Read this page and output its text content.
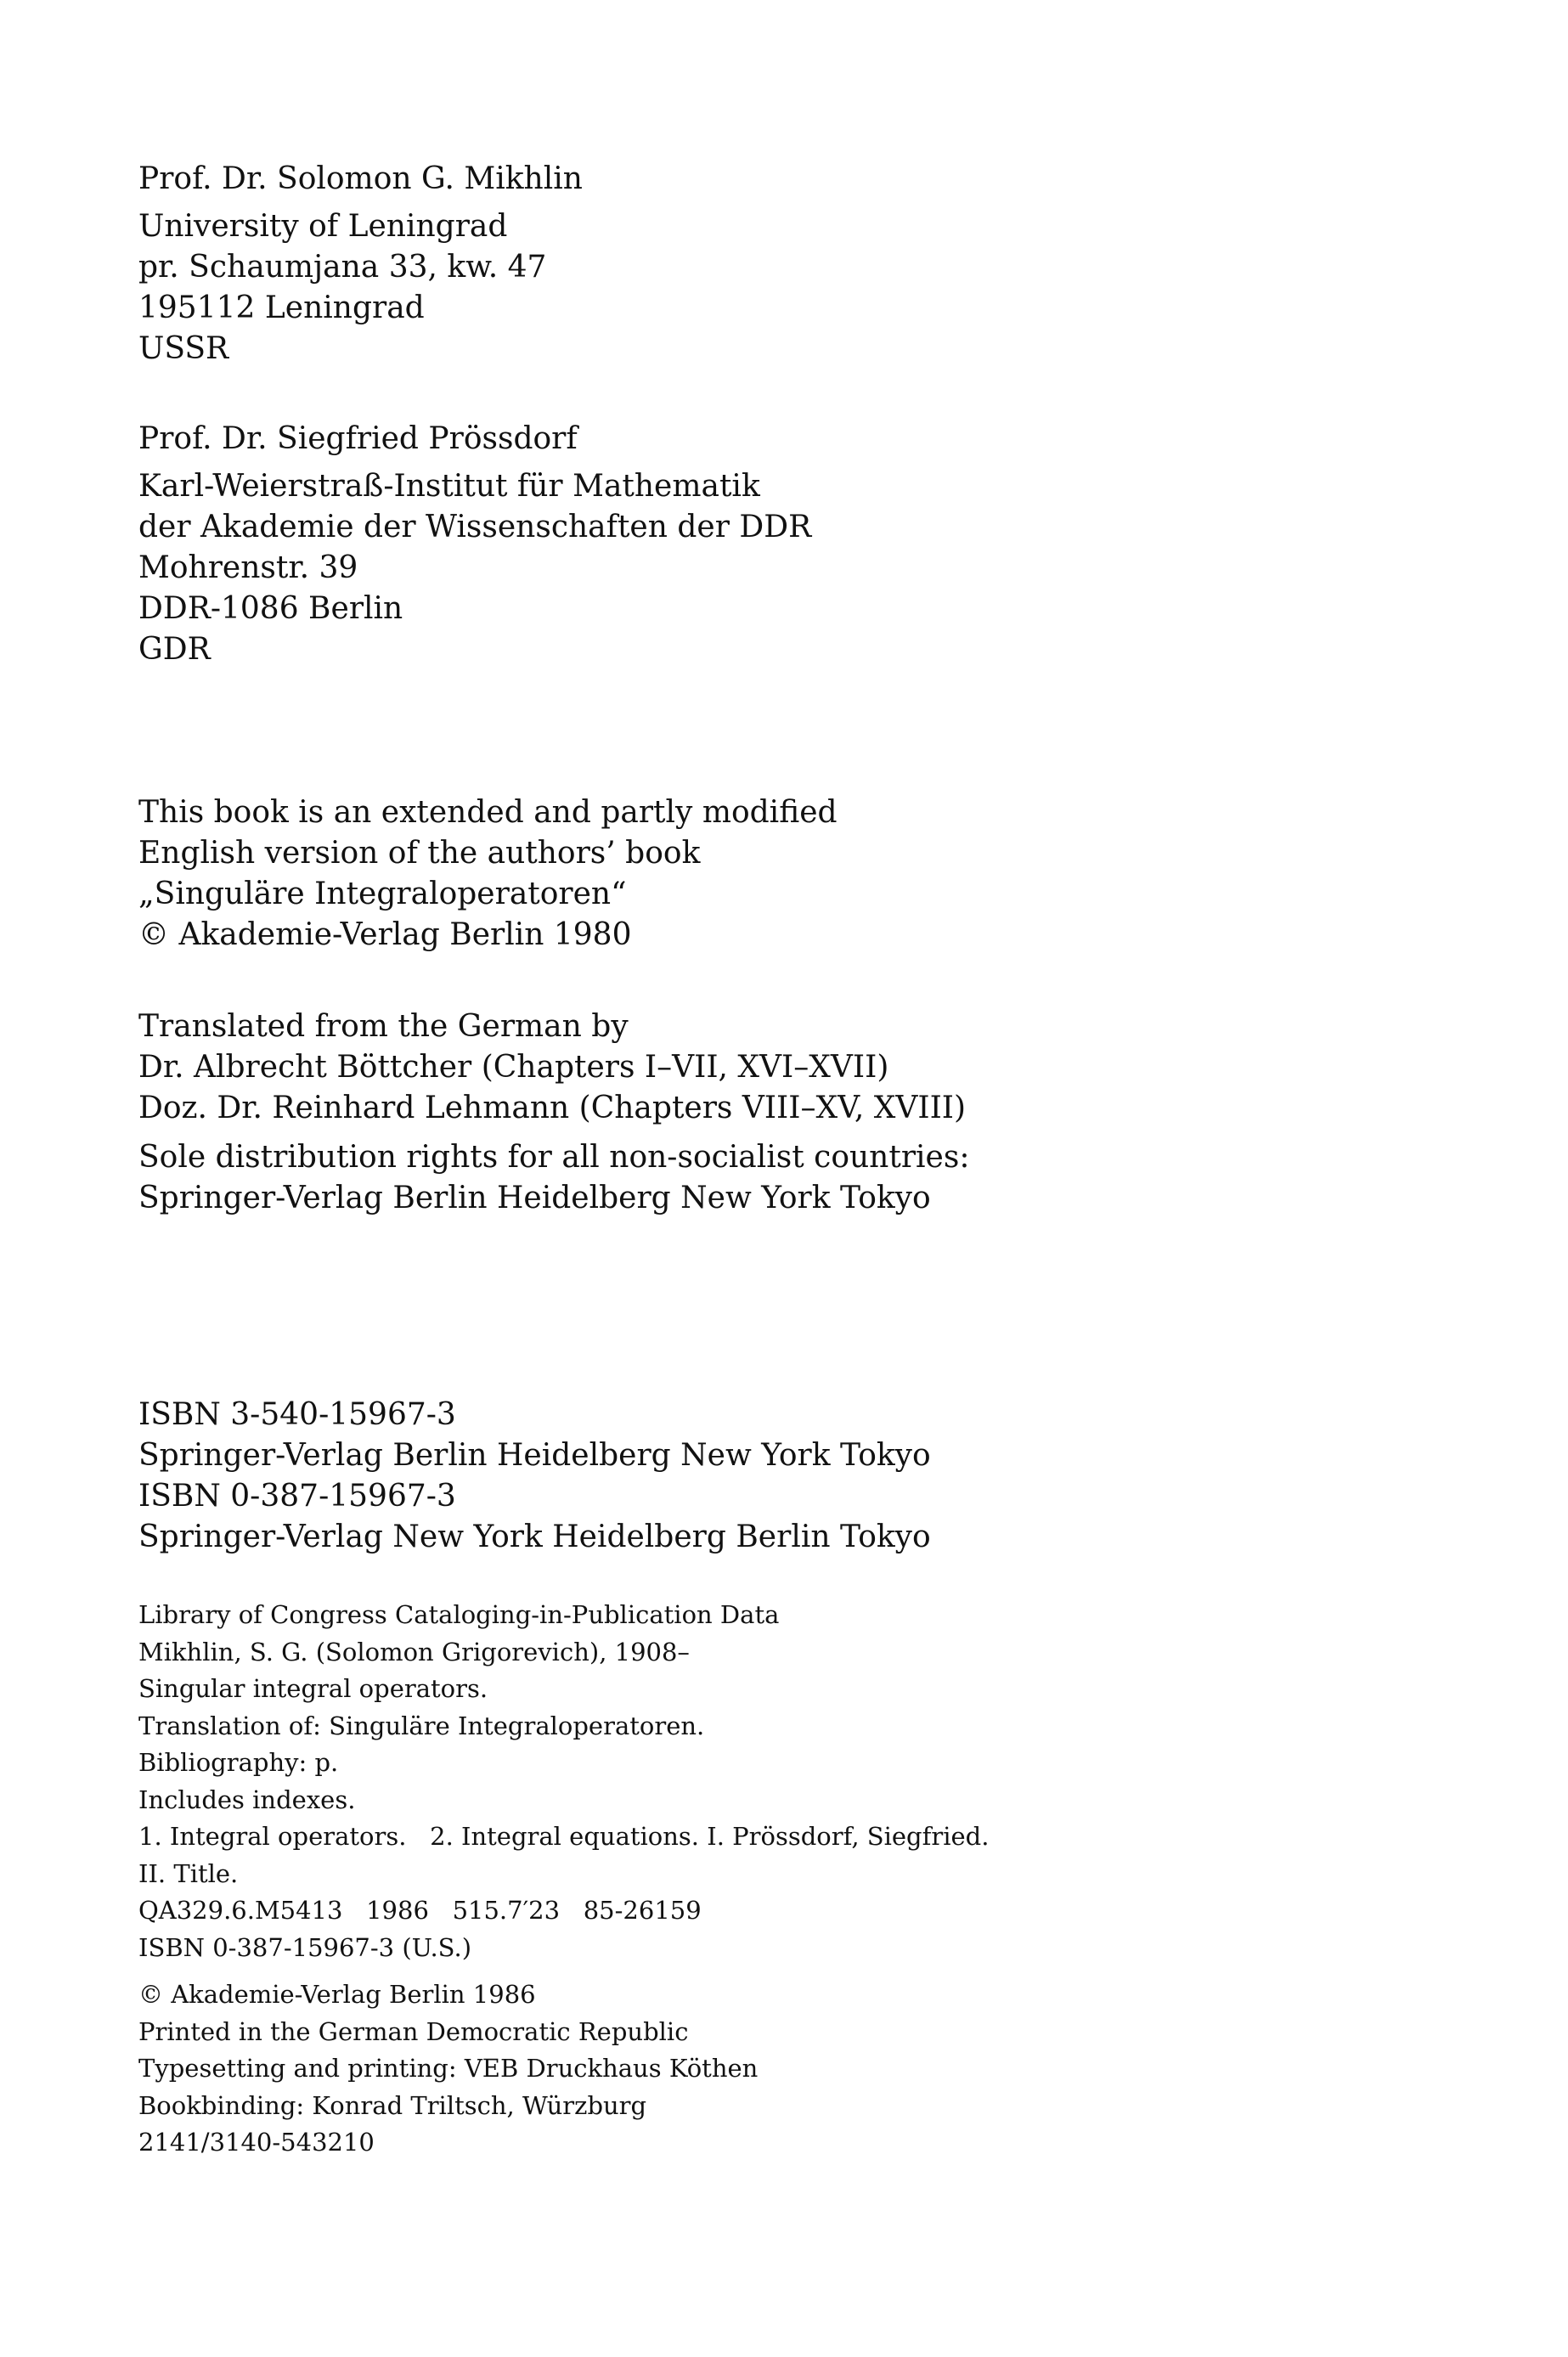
Prof. Dr. Solomon G. Mikhlin
University of Leningrad
pr. Schaumjana 33, kw. 47
195112 Leningrad
USSR
Prof. Dr. Siegfried Prössdorf
Karl-Weierstraß-Institut für Mathematik
der Akademie der Wissenschaften der DDR
Mohrenstr. 39
DDR-1086 Berlin
GDR
This book is an extended and partly modified
English version of the authors’ book
„Singuläre Integraloperatoren“
© Akademie-Verlag Berlin 1980
Translated from the German by
Dr. Albrecht Böttcher (Chapters I–VII, XVI–XVII)
Doz. Dr. Reinhard Lehmann (Chapters VIII–XV, XVIII)
Sole distribution rights for all non-socialist countries:
Springer-Verlag Berlin Heidelberg New York Tokyo
ISBN 3-540-15967-3
Springer-Verlag Berlin Heidelberg New York Tokyo
ISBN 0-387-15967-3
Springer-Verlag New York Heidelberg Berlin Tokyo
Library of Congress Cataloging-in-Publication Data
Mikhlin, S. G. (Solomon Grigorevich), 1908–
Singular integral operators.
Translation of: Singuläre Integraloperatoren.
Bibliography: p.
Includes indexes.
1. Integral operators.   2. Integral equations. I. Prössdorf, Siegfried.
II. Title.
QA329.6.M5413   1986   515.7′23   85-26159
ISBN 0-387-15967-3 (U.S.)
© Akademie-Verlag Berlin 1986
Printed in the German Democratic Republic
Typesetting and printing: VEB Druckhaus Köthen
Bookbinding: Konrad Triltsch, Würzburg
2141/3140-543210
